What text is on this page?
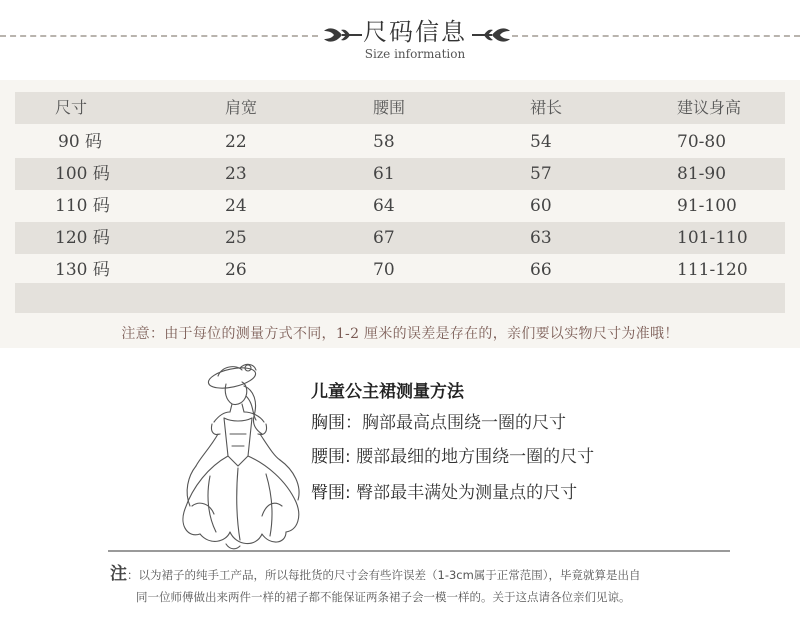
尺码信息
Size information
尺寸	肩宽	腰围	裙长	建议身高
90 码	22	58	54	70-80
100 码	23	61	57	81-90
110 码	24	64	60	91-100
120 码	25	67	63	101-110
130 码	26	70	66	111-120
注意：由于每位的测量方式不同，1-2 厘米的误差是存在的，亲们要以实物尺寸为准哦！
儿童公主裙测量方法
胸围：胸部最高点围绕一圈的尺寸
腰围: 腰部最细的地方围绕一圈的尺寸
臀围: 臀部最丰满处为测量点的尺寸
注：以为裙子的纯手工产品，所以每批货的尺寸会有些许误差（1-3cm属于正常范围），毕竟就算是出自
同一位师傅做出来两件一样的裙子都不能保证两条裙子会一模一样的。关于这点请各位亲们见谅。
